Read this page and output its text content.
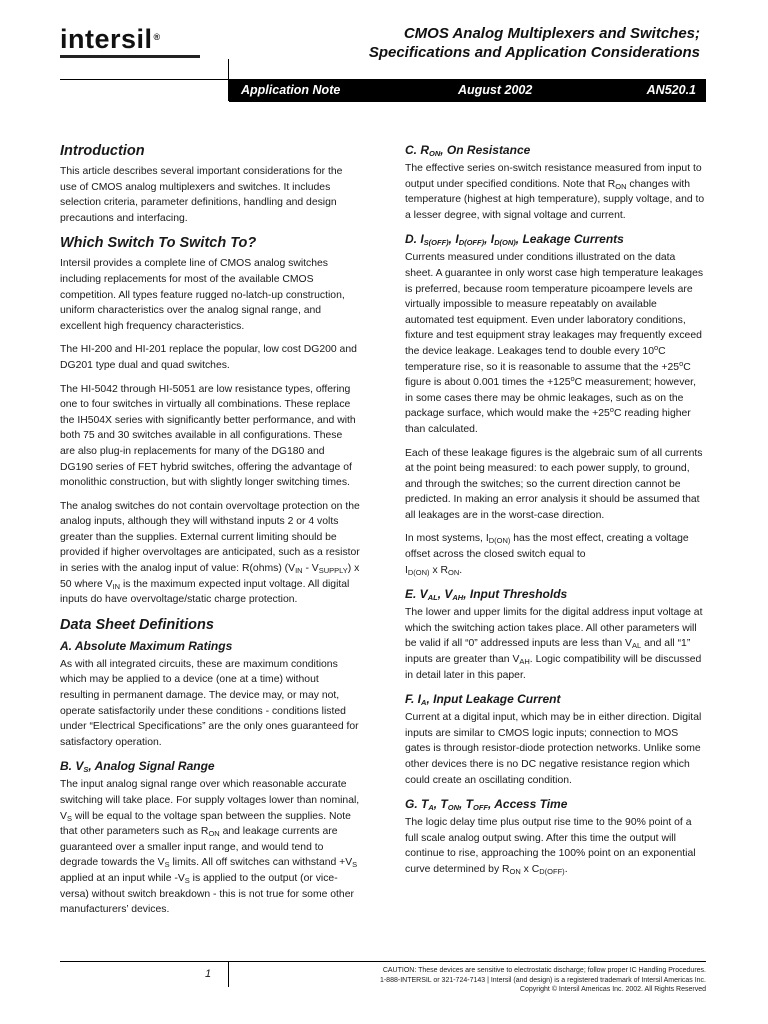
intersil®	CMOS Analog Multiplexers and Switches;
Specifications and Application Considerations
Application Note	August 2002	AN520.1
Introduction

This article describes several important considerations for the use of CMOS analog multiplexers and switches. It includes selection criteria, parameter definitions, handling and design precautions and interfacing.

Which Switch To Switch To?

Intersil provides a complete line of CMOS analog switches including replacements for most of the available CMOS competition. All types feature rugged no-latch-up construction, uniform characteristics over the analog signal range, and excellent high frequency characteristics.

The HI-200 and HI-201 replace the popular, low cost DG200 and DG201 type dual and quad switches.

The HI-5042 through HI-5051 are low resistance types, offering one to four switches in virtually all combinations. These replace the IH504X series with significantly better performance, and with both 75 and 30 switches available in all configurations. These are also plug-in replacements for many of the DG180 and DG190 series of FET hybrid switches, offering the advantage of monolithic construction, but with slightly longer switching times.

The analog switches do not contain overvoltage protection on the analog inputs, although they will withstand inputs 2 or 4 volts greater than the supplies. External current limiting should be provided if higher overvoltages are anticipated, such as a resistor in series with the analog input of value: R(ohms) $(V_{IN} - V_{SUPPLY})$ x 50 where $V_{IN}$ is the maximum expected input voltage. All digital inputs do have overvoltage/static charge protection.

Data Sheet Definitions
A. Absolute Maximum Ratings

As with all integrated circuits, these are maximum conditions which may be applied to a device (one at a time) without resulting in permanent damage. The device may, or may not, operate satisfactorily under these conditions - conditions listed under “Electrical Specifications” are the only ones guaranteed for satisfactory operation.

B. $V_S$, Analog Signal Range

The input analog signal range over which reasonable accurate switching will take place. For supply voltages lower than nominal, $V_S$ will be equal to the voltage span between the supplies. Note that other parameters such as $R_{ON}$ and leakage currents are guaranteed over a smaller input range, and would tend to degrade towards the $V_S$ limits. All off switches can withstand $+V_S$ applied at an input while $-V_S$ is applied to the output (or vice-versa) without switch breakdown - this is not true for some other manufacturers’ devices.

C. $R_{ON}$, On Resistance

The effective series on-switch resistance measured from input to output under specified conditions. Note that $R_{ON}$ changes with temperature (highest at high temperature), supply voltage, and to a lesser degree, with signal voltage and current.

D. $I_{S(OFF)}$, $I_{D(OFF)}$, $I_{D(ON)}$, Leakage Currents

Currents measured under conditions illustrated on the data sheet. A guarantee in only worst case high temperature leakages is preferred, because room temperature picoampere levels are virtually impossible to measure repeatably on available automated test equipment. Even under laboratory conditions, fixture and test equipment stray leakages may frequently exceed the device leakage. Leakages tend to double every 10$^o$C temperature rise, so it is reasonable to assume that the $+25^oC$ figure is about 0.001 times the $+125^oC$ measurement; however, in some cases there may be ohmic leakages, such as on the package surface, which would make the $+25^oC$ reading higher than calculated.

Each of these leakage figures is the algebraic sum of all currents at the point being measured: to each power supply, to ground, and through the switches; so the current direction cannot be predicted. In making an error analysis it should be assumed that all leakages are in the worst-case direction.

In most systems, $I_{D(ON)}$ has the most effect, creating a voltage offset across the closed switch equal to
$I_{D(ON)}$ x $R_{ON}$.

E. $V_{AL}$, $V_{AH}$, Input Thresholds

The lower and upper limits for the digital address input voltage at which the switching action takes place. All other parameters will be valid if all “0” addressed inputs are less than $V_{AL}$ and all “1” inputs are greater than $V_{AH}$. Logic compatibility will be discussed in detail later in this paper.

F. $I_A$, Input Leakage Current

Current at a digital input, which may be in either direction. Digital inputs are similar to CMOS logic inputs; connection to MOS gates is through resistor-diode protection networks. Unlike some other devices there is no DC negative resistance region which could create an oscillating condition.

G. $T_A$, $T_{ON}$, $T_{OFF}$, Access Time

The logic delay time plus output rise time to the 90% point of a full scale analog output swing. After this time the output will continue to rise, approaching the 100% point on an exponential curve determined by $R_{ON}$ x $C_{D(OFF)}$.

1	CAUTION: These devices are sensitive to electrostatic discharge; follow proper IC Handling Procedures.
1-888-INTERSIL or 321-724-7143 | Intersil (and design) is a registered trademark of Intersil Americas Inc.
Copyright © Intersil Americas Inc. 2002. All Rights Reserved
